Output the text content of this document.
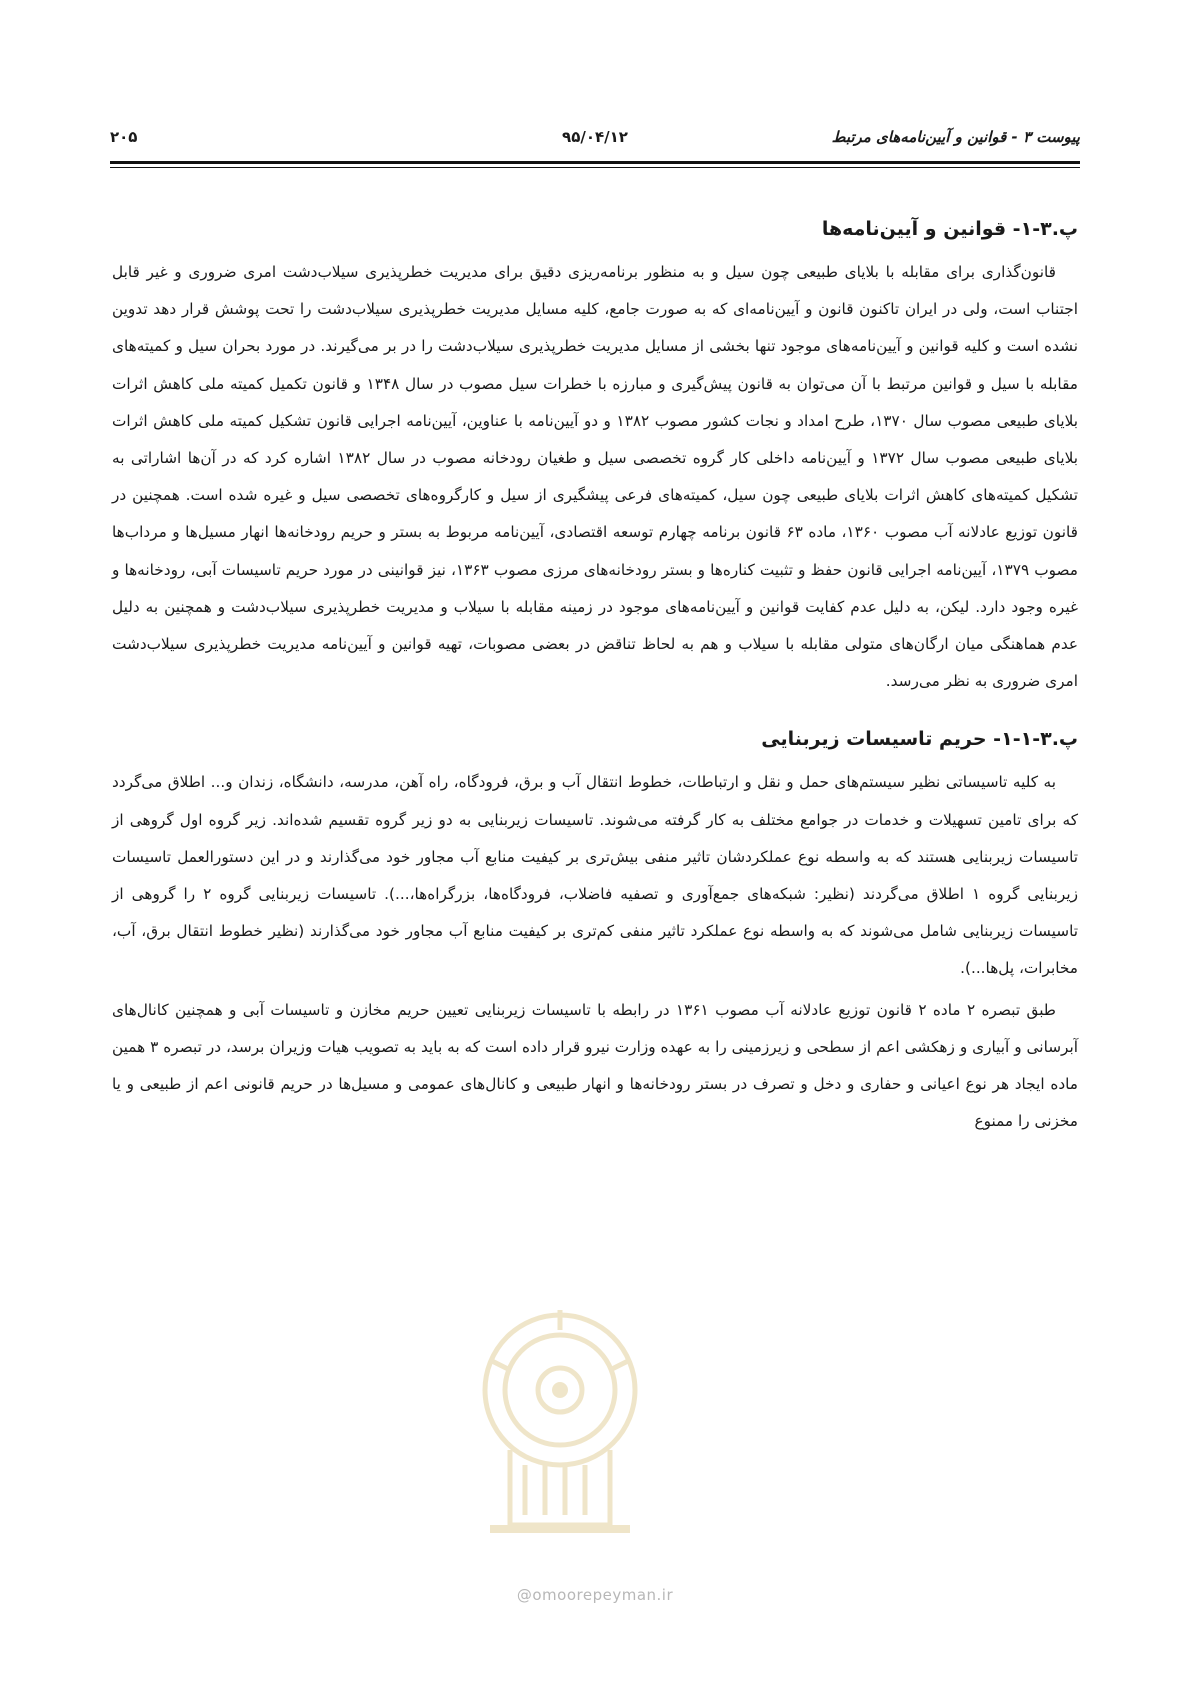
پیوست ۳ - قوانین و آیین‌نامه‌های مرتبط
۹۵/۰۴/۱۲
۲۰۵
پ.۳-۱- قوانین و آیین‌نامه‌ها

قانون‌گذاری برای مقابله با بلایای طبیعی چون سیل و به منظور برنامه‌ریزی دقیق برای مدیریت خطرپذیری سیلاب‌دشت امری ضروری و غیر قابل اجتناب است، ولی در ایران تاکنون قانون و آیین‌نامه‌ای که به صورت جامع، کلیه مسایل مدیریت خطرپذیری سیلاب‌دشت را تحت پوشش قرار دهد تدوین نشده است و کلیه قوانین و آیین‌نامه‌های موجود تنها بخشی از مسایل مدیریت خطرپذیری سیلاب‌دشت را در بر می‌گیرند. در مورد بحران سیل و کمیته‌های مقابله با سیل و قوانین مرتبط با آن می‌توان به قانون پیش‌گیری و مبارزه با خطرات سیل مصوب در سال ۱۳۴۸ و قانون تکمیل کمیته ملی کاهش اثرات بلایای طبیعی مصوب سال ۱۳۷۰، طرح امداد و نجات کشور مصوب ۱۳۸۲ و دو آیین‌نامه با عناوین، آیین‌نامه اجرایی قانون تشکیل کمیته ملی کاهش اثرات بلایای طبیعی مصوب سال ۱۳۷۲ و آیین‌نامه داخلی کار گروه تخصصی سیل و طغیان رودخانه مصوب در سال ۱۳۸۲ اشاره کرد که در آن‌ها اشاراتی به تشکیل کمیته‌های کاهش اثرات بلایای طبیعی چون سیل، کمیته‌های فرعی پیشگیری از سیل و کارگروه‌های تخصصی سیل و غیره شده است. همچنین در قانون توزیع عادلانه آب مصوب ۱۳۶۰، ماده ۶۳ قانون برنامه چهارم توسعه اقتصادی، آیین‌نامه مربوط به بستر و حریم رودخانه‌ها انهار مسیل‌ها و مرداب‌ها مصوب ۱۳۷۹، آیین‌نامه اجرایی قانون حفظ و تثبیت کناره‌ها و بستر رودخانه‌های مرزی مصوب ۱۳۶۳، نیز قوانینی در مورد حریم تاسیسات آبی، رودخانه‌ها و غیره وجود دارد. لیکن، به دلیل عدم کفایت قوانین و آیین‌نامه‌های موجود در زمینه مقابله با سیلاب و مدیریت خطرپذیری سیلاب‌دشت و همچنین به دلیل عدم هماهنگی میان ارگان‌های متولی مقابله با سیلاب و هم به لحاظ تناقض در بعضی مصوبات، تهیه قوانین و آیین‌نامه مدیریت خطرپذیری سیلاب‌دشت امری ضروری به نظر می‌رسد.

پ.۳-۱-۱- حریم تاسیسات زیربنایی

به کلیه تاسیساتی نظیر سیستم‌های حمل و نقل و ارتباطات، خطوط انتقال آب و برق، فرودگاه، راه آهن، مدرسه، دانشگاه، زندان و... اطلاق می‌گردد که برای تامین تسهیلات و خدمات در جوامع مختلف به کار گرفته می‌شوند. تاسیسات زیربنایی به دو زیر گروه تقسیم شده‌اند. زیر گروه اول گروهی از تاسیسات زیربنایی هستند که به واسطه نوع عملکردشان تاثیر منفی بیش‌تری بر کیفیت منابع آب مجاور خود می‌گذارند و در این دستورالعمل تاسیسات زیربنایی گروه ۱ اطلاق می‌گردند (نظیر: شبکه‌های جمع‌آوری و تصفیه فاضلاب، فرودگاه‌ها، بزرگراه‌ها،...). تاسیسات زیربنایی گروه ۲ را گروهی از تاسیسات زیربنایی شامل می‌شوند که به واسطه نوع عملکرد تاثیر منفی کم‌تری بر کیفیت منابع آب مجاور خود می‌گذارند (نظیر خطوط انتقال برق، آب، مخابرات، پل‌ها...).

طبق تبصره ۲ ماده ۲ قانون توزیع عادلانه آب مصوب ۱۳۶۱ در رابطه با تاسیسات زیربنایی تعیین حریم مخازن و تاسیسات آبی و همچنین کانال‌های آبرسانی و آبیاری و زهکشی اعم از سطحی و زیرزمینی را به عهده وزارت نیرو قرار داده است که به باید به تصویب هیات وزیران برسد، در تبصره ۳ همین ماده ایجاد هر نوع اعیانی و حفاری و دخل و تصرف در بستر رودخانه‌ها و انهار طبیعی و کانال‌های عمومی و مسیل‌ها در حریم قانونی اعم از طبیعی و یا مخزنی را ممنوع

@omoorepeyman.ir
